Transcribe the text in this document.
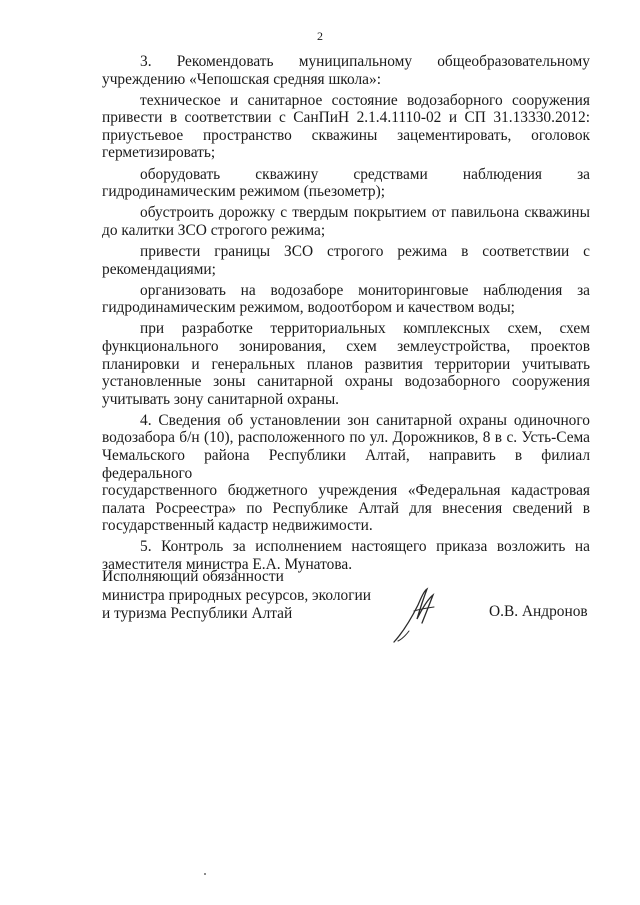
2
3. Рекомендовать муниципальному общеобразовательному
учреждению «Чепошская средняя школа»:
техническое и санитарное состояние водозаборного сооружения
привести в соответствии с СанПиН 2.1.4.1110-02 и СП 31.13330.2012:
приустьевое пространство скважины зацементировать, оголовок
герметизировать;
оборудовать скважину средствами наблюдения за
гидродинамическим режимом (пьезометр);
обустроить дорожку с твердым покрытием от павильона скважины
до калитки ЗСО строгого режима;
привести границы ЗСО строгого режима в соответствии с
рекомендациями;
организовать на водозаборе мониторинговые наблюдения за
гидродинамическим режимом, водоотбором и качеством воды;
при разработке территориальных комплексных схем, схем
функционального зонирования, схем землеустройства, проектов
планировки и генеральных планов развития территории учитывать
установленные зоны санитарной охраны водозаборного сооружения
учитывать зону санитарной охраны.
4. Сведения об установлении зон санитарной охраны одиночного
водозабора б/н (10), расположенного по ул. Дорожников, 8 в с. Усть-Сема
Чемальского района Республики Алтай, направить в филиал федерального
государственного бюджетного учреждения «Федеральная кадастровая
палата Росреестра» по Республике Алтай для внесения сведений в
государственный кадастр недвижимости.
5. Контроль за исполнением настоящего приказа возложить на
заместителя министра Е.А. Мунатова.
Исполняющий обязанности
министра природных ресурсов, экологии
и туризма Республики Алтай	О.В. Андронов
